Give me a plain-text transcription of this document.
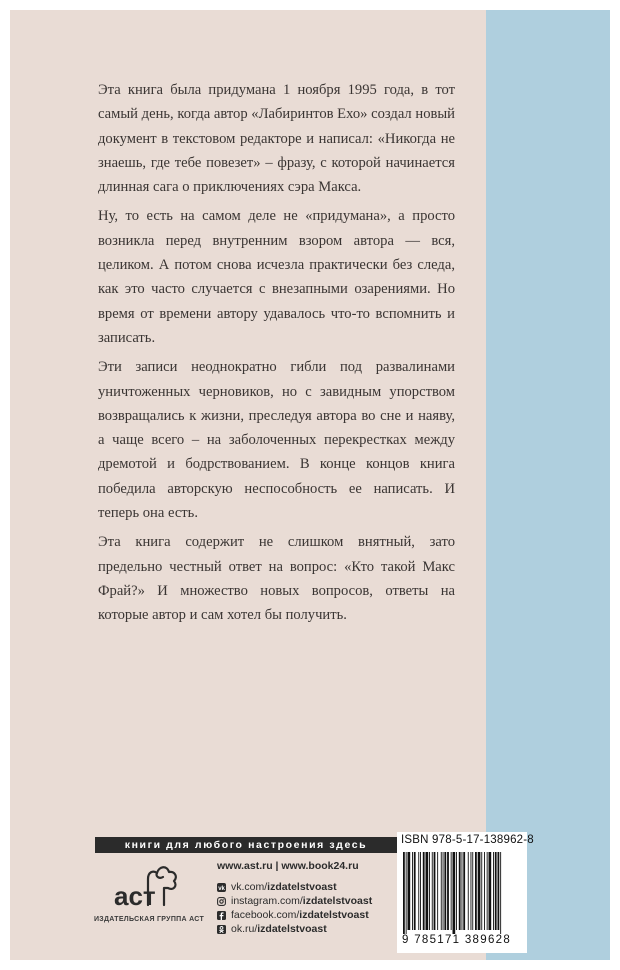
Эта книга была придумана 1 ноября 1995 года, в тот самый день, когда автор «Лабиринтов Ехо» создал новый документ в текстовом редакторе и написал: «Никогда не знаешь, где тебе повезет» – фразу, с которой начинается длинная сага о приключениях сэра Макса.

Ну, то есть на самом деле не «придумана», а просто возникла перед внутренним взором автора — вся, целиком. А потом снова исчезла практически без следа, как это часто случается с внезапными озарениями. Но время от времени автору удавалось что-то вспомнить и записать.

Эти записи неоднократно гибли под развалинами уничтоженных черновиков, но с завидным упорством возвращались к жизни, преследуя автора во сне и наяву, а чаще всего – на заболоченных перекрестках между дремотой и бодрствованием. В конце концов книга победила авторскую неспособность ее написать. И теперь она есть.

Эта книга содержит не слишком внятный, зато предельно честный ответ на вопрос: «Кто такой Макс Фрай?» И множество новых вопросов, ответы на которые автор и сам хотел бы получить.

книги для любого настроения здесь
аст
ИЗДАТЕЛЬСКАЯ ГРУППА АСТ
www.ast.ru | www.book24.ru
vk vk.com/ izdatelstvoast
instagram.com/ izdatelstvoast
facebook.com/ izdatelstvoast
ok.ru/ izdatelstvoast
ISBN 978-5-17-138962-8
9 785171 389628
